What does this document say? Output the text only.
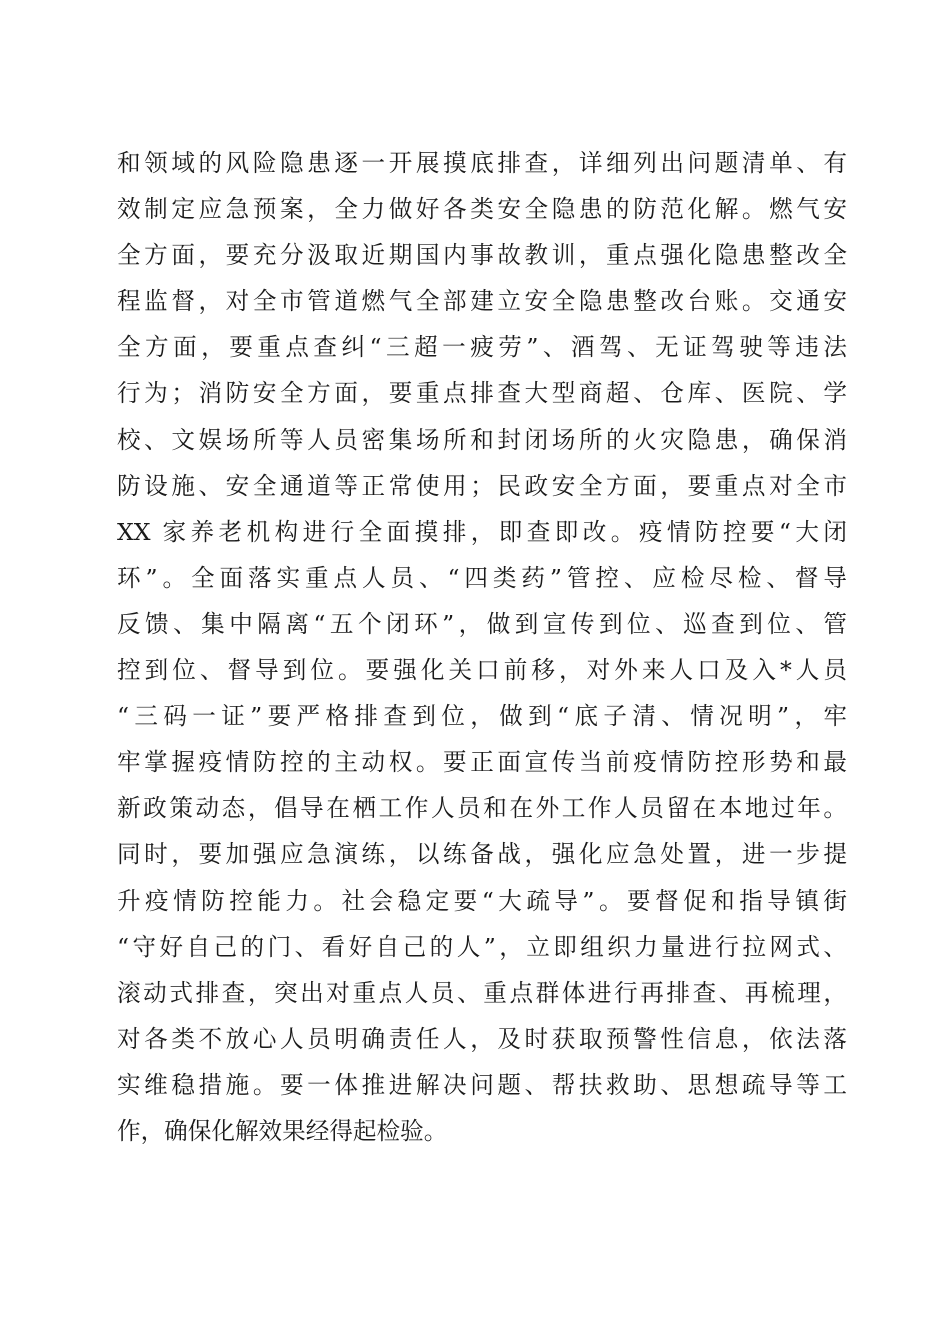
和领域的风险隐患逐一开展摸底排查，详细列出问题清单、有
效制定应急预案，全力做好各类安全隐患的防范化解。燃气安
全方面，要充分汲取近期国内事故教训，重点强化隐患整改全
程监督，对全市管道燃气全部建立安全隐患整改台账。交通安
全方面，要重点查纠“三超一疲劳”、酒驾、无证驾驶等违法
行为；消防安全方面，要重点排查大型商超、仓库、医院、学
校、文娱场所等人员密集场所和封闭场所的火灾隐患，确保消
防设施、安全通道等正常使用；民政安全方面，要重点对全市
XX 家养老机构进行全面摸排，即查即改。疫情防控要“大闭
环”。全面落实重点人员、“四类药”管控、应检尽检、督导
反馈、集中隔离“五个闭环”，做到宣传到位、巡查到位、管
控到位、督导到位。要强化关口前移，对外来人口及入*人员
“三码一证”要严格排查到位，做到“底子清、情况明”，牢
牢掌握疫情防控的主动权。要正面宣传当前疫情防控形势和最
新政策动态，倡导在栖工作人员和在外工作人员留在本地过年。
同时，要加强应急演练，以练备战，强化应急处置，进一步提
升疫情防控能力。社会稳定要“大疏导”。要督促和指导镇街
“守好自己的门、看好自己的人”，立即组织力量进行拉网式、
滚动式排查，突出对重点人员、重点群体进行再排查、再梳理，
对各类不放心人员明确责任人，及时获取预警性信息，依法落
实维稳措施。要一体推进解决问题、帮扶救助、思想疏导等工
作，确保化解效果经得起检验。
